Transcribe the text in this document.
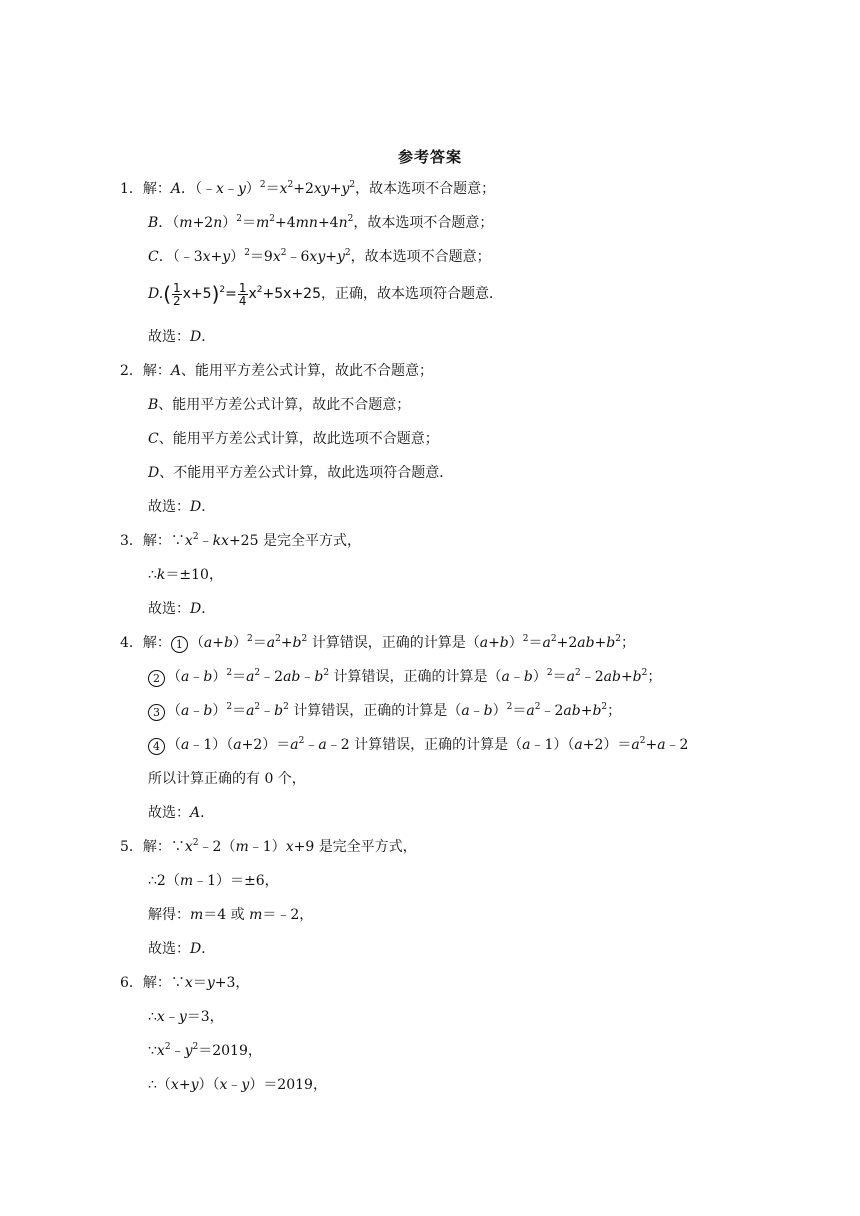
参考答案
1．解：A．$(﹣x﹣y)^2=x^2+2xy+y^2$，故本选项不合题意；
B．$(m+2n)^2=m^2+4mn+4n^2$，故本选项不合题意；
C．$(﹣3x+y)^2=9x^2﹣6xy+y^2$，故本选项不合题意；
$D.( \frac{1}{2} x+5)^2= \frac{1}{4} x^2+5x+25$，正确，故本选项符合题意．
故选：D．
2．解：A、能用平方差公式计算，故此不合题意；
B、能用平方差公式计算，故此不合题意；
C、能用平方差公式计算，故此选项不合题意；
D、不能用平方差公式计算，故此选项符合题意．
故选：D．
3．解：$\because x^2﹣kx+25$ 是完全平方式，
∴k＝±10，
故选：D．
4．解： 1 $(a+b)^2=a^2+b^2$ 计算错误，正确的计算是$(a+b)^2=a^2+2ab+b^2$；
2 $(a﹣b)^2=a^2﹣2ab﹣b^2$ 计算错误，正确的计算是$(a﹣b)^2=a^2﹣2ab+b^2$；
3 $(a﹣b)^2=a^2﹣b^2$ 计算错误，正确的计算是$(a﹣b)^2=a^2﹣2ab+b^2$；
4 $(a﹣1)(a+2)=a^2﹣a﹣2$ 计算错误，正确的计算是$(a﹣1)(a+2)=a^2+a﹣2$
所以计算正确的有 0 个，
故选：A．
5．解：$\because x^2﹣2(m﹣1)x+9$ 是完全平方式，
∴2（m﹣1）＝±6，
解得：m＝4 或 m＝﹣2，
故选：D．
6．解：∵x＝y+3，
∴x﹣y＝3，
$\because x^2﹣y^2=2019$，
∴（x+y）（x﹣y）＝2019，
